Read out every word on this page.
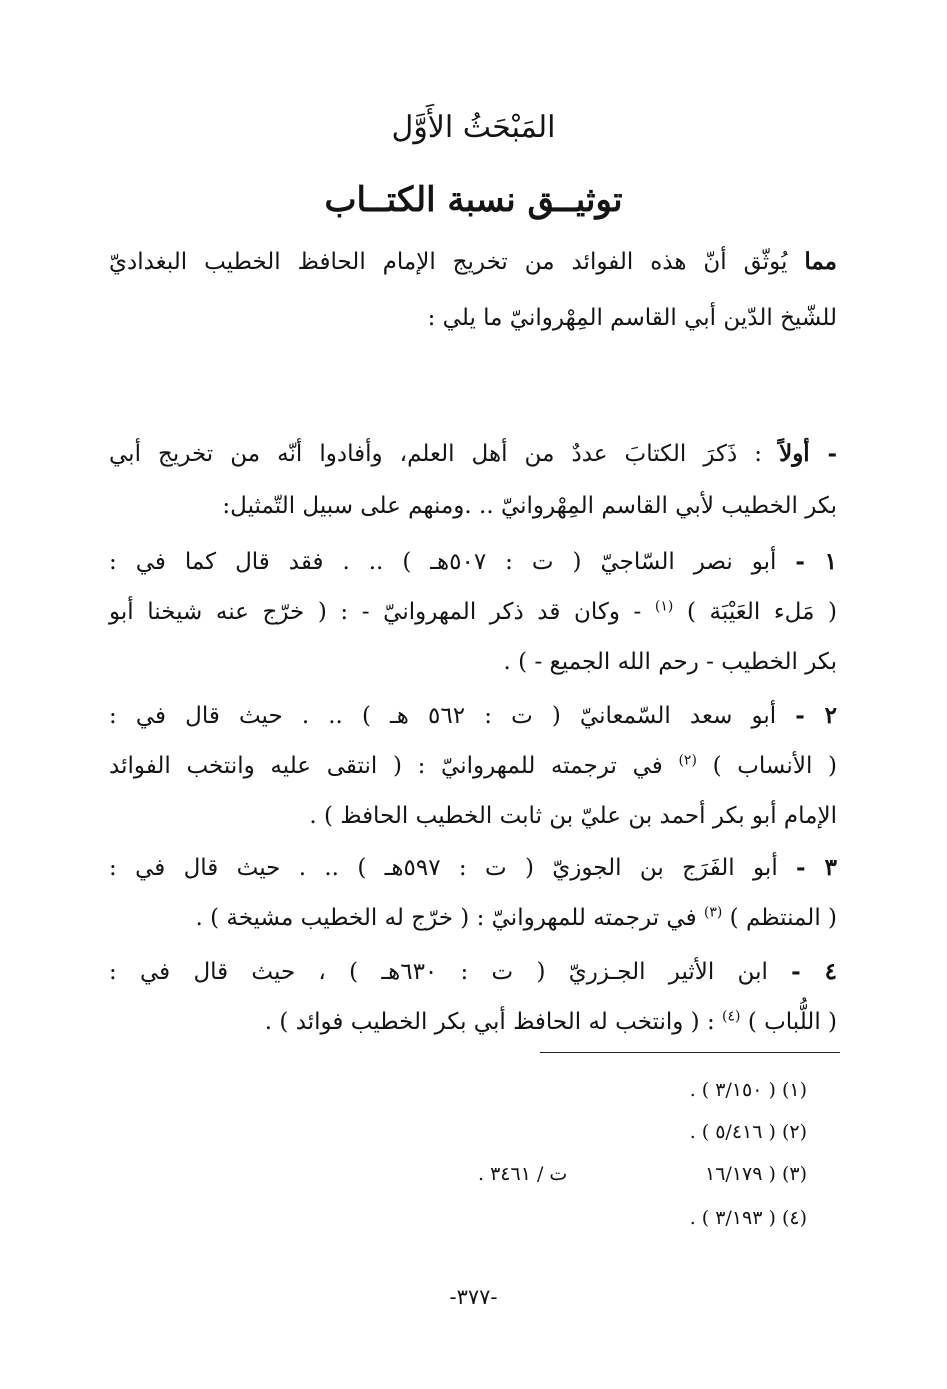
المَبْحَثُ الأَوَّل
توثيــق نسبة الكتــاب
مما يُوثّق أنّ هذه الفوائد من تخريج الإمام الحافظ الخطيب البغداديّ
للشّيخ الدّين أبي القاسم المِهْروانيّ ما يلي :
- أولاً : ذَكرَ الكتابَ عددٌ من أهل العلم، وأفادوا أنّه من تخريج أبي
بكر الخطيب لأبي القاسم المِهْروانيّ .. .ومنهم على سبيل التّمثيل:
١ - أبو نصر السّاجيّ ( ت : ٥٠٧هـ ) .. . فقد قال كما في :
( مَلء العَيْبَة ) $^{(١)}$ - وكان قد ذكر المهروانيّ - : ( خرّج عنه شيخنا أبو
بكر الخطيب - رحم الله الجميع - ) .
٢ - أبو سعد السّمعانيّ ( ت : ٥٦٢ هـ ) .. . حيث قال في :
( الأنساب ) $^{(٢)}$ في ترجمته للمهروانيّ : ( انتقى عليه وانتخب الفوائد
الإمام أبو بكر أحمد بن عليّ بن ثابت الخطيب الحافظ ) .
٣ - أبو الفَرَج بن الجوزيّ ( ت : ٥٩٧هـ ) .. . حيث قال في :
( المنتظم ) $^{(٣)}$ في ترجمته للمهروانيّ : ( خرّج له الخطيب مشيخة ) .
٤ - ابن الأثير الجـزريّ ( ت : ٦٣٠هـ ) ، حيث قال في :
( اللُّباب ) $^{(٤)}$ : ( وانتخب له الحافظ أبي بكر الخطيب فوائد ) .
(١) ( ٣/١٥٠ ) .
(٢) ( ٥/٤١٦ ) .
(٣) ( ١٦/١٧٩
ت / ٣٤٦١ .
(٤) ( ٣/١٩٣ ) .
-٣٧٧-
